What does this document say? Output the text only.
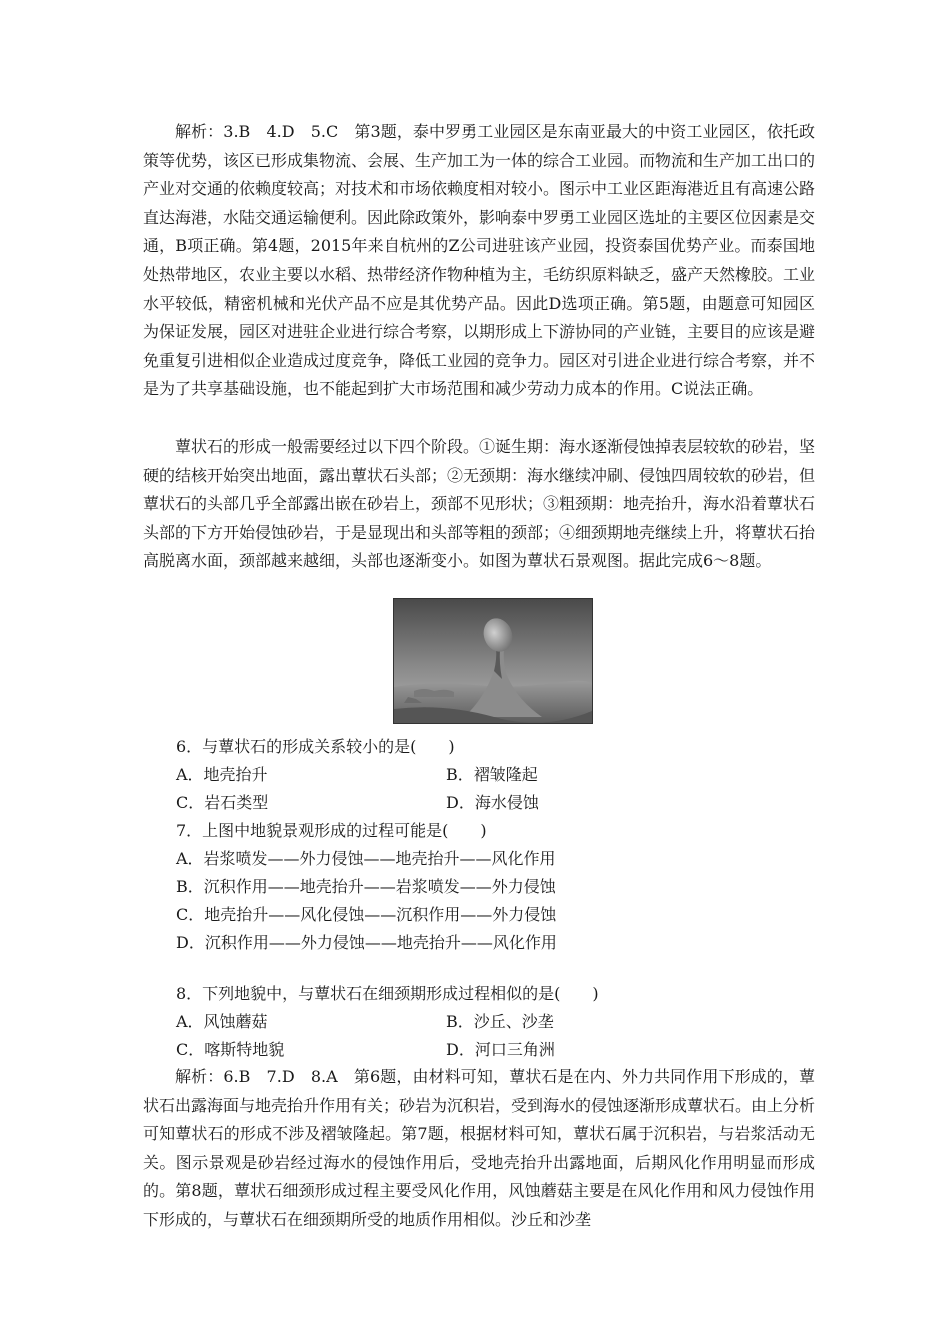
解析：3.B　4.D　5.C　第3题，泰中罗勇工业园区是东南亚最大的中资工业园区，依托政策等优势，该区已形成集物流、会展、生产加工为一体的综合工业园。而物流和生产加工出口的产业对交通的依赖度较高；对技术和市场依赖度相对较小。图示中工业区距海港近且有高速公路直达海港，水陆交通运输便利。因此除政策外，影响泰中罗勇工业园区选址的主要区位因素是交通，B项正确。第4题，2015年来自杭州的Z公司进驻该产业园，投资泰国优势产业。而泰国地处热带地区，农业主要以水稻、热带经济作物种植为主，毛纺织原料缺乏，盛产天然橡胶。工业水平较低，精密机械和光伏产品不应是其优势产品。因此D选项正确。第5题，由题意可知园区为保证发展，园区对进驻企业进行综合考察，以期形成上下游协同的产业链，主要目的应该是避免重复引进相似企业造成过度竞争，降低工业园的竞争力。园区对引进企业进行综合考察，并不是为了共享基础设施，也不能起到扩大市场范围和减少劳动力成本的作用。C说法正确。

蕈状石的形成一般需要经过以下四个阶段。①诞生期：海水逐渐侵蚀掉表层较软的砂岩，坚硬的结核开始突出地面，露出蕈状石头部；②无颈期：海水继续冲刷、侵蚀四周较软的砂岩，但蕈状石的头部几乎全部露出嵌在砂岩上，颈部不见形状；③粗颈期：地壳抬升，海水沿着蕈状石头部的下方开始侵蚀砂岩，于是显现出和头部等粗的颈部；④细颈期地壳继续上升，将蕈状石抬高脱离水面，颈部越来越细，头部也逐渐变小。如图为蕈状石景观图。据此完成6～8题。

6．与蕈状石的形成关系较小的是(　　)

A．地壳抬升	B．褶皱隆起

C．岩石类型	D．海水侵蚀

7．上图中地貌景观形成的过程可能是(　　)

A．岩浆喷发——外力侵蚀——地壳抬升——风化作用

B．沉积作用——地壳抬升——岩浆喷发——外力侵蚀

C．地壳抬升——风化侵蚀——沉积作用——外力侵蚀

D．沉积作用——外力侵蚀——地壳抬升——风化作用

8．下列地貌中，与蕈状石在细颈期形成过程相似的是(　　)

A．风蚀蘑菇	B．沙丘、沙垄

C．喀斯特地貌	D．河口三角洲

解析：6.B　7.D　8.A　第6题，由材料可知，蕈状石是在内、外力共同作用下形成的，蕈状石出露海面与地壳抬升作用有关；砂岩为沉积岩，受到海水的侵蚀逐渐形成蕈状石。由上分析可知蕈状石的形成不涉及褶皱隆起。第7题，根据材料可知，蕈状石属于沉积岩，与岩浆活动无关。图示景观是砂岩经过海水的侵蚀作用后，受地壳抬升出露地面，后期风化作用明显而形成的。第8题，蕈状石细颈形成过程主要受风化作用，风蚀蘑菇主要是在风化作用和风力侵蚀作用下形成的，与蕈状石在细颈期所受的地质作用相似。沙丘和沙垄
